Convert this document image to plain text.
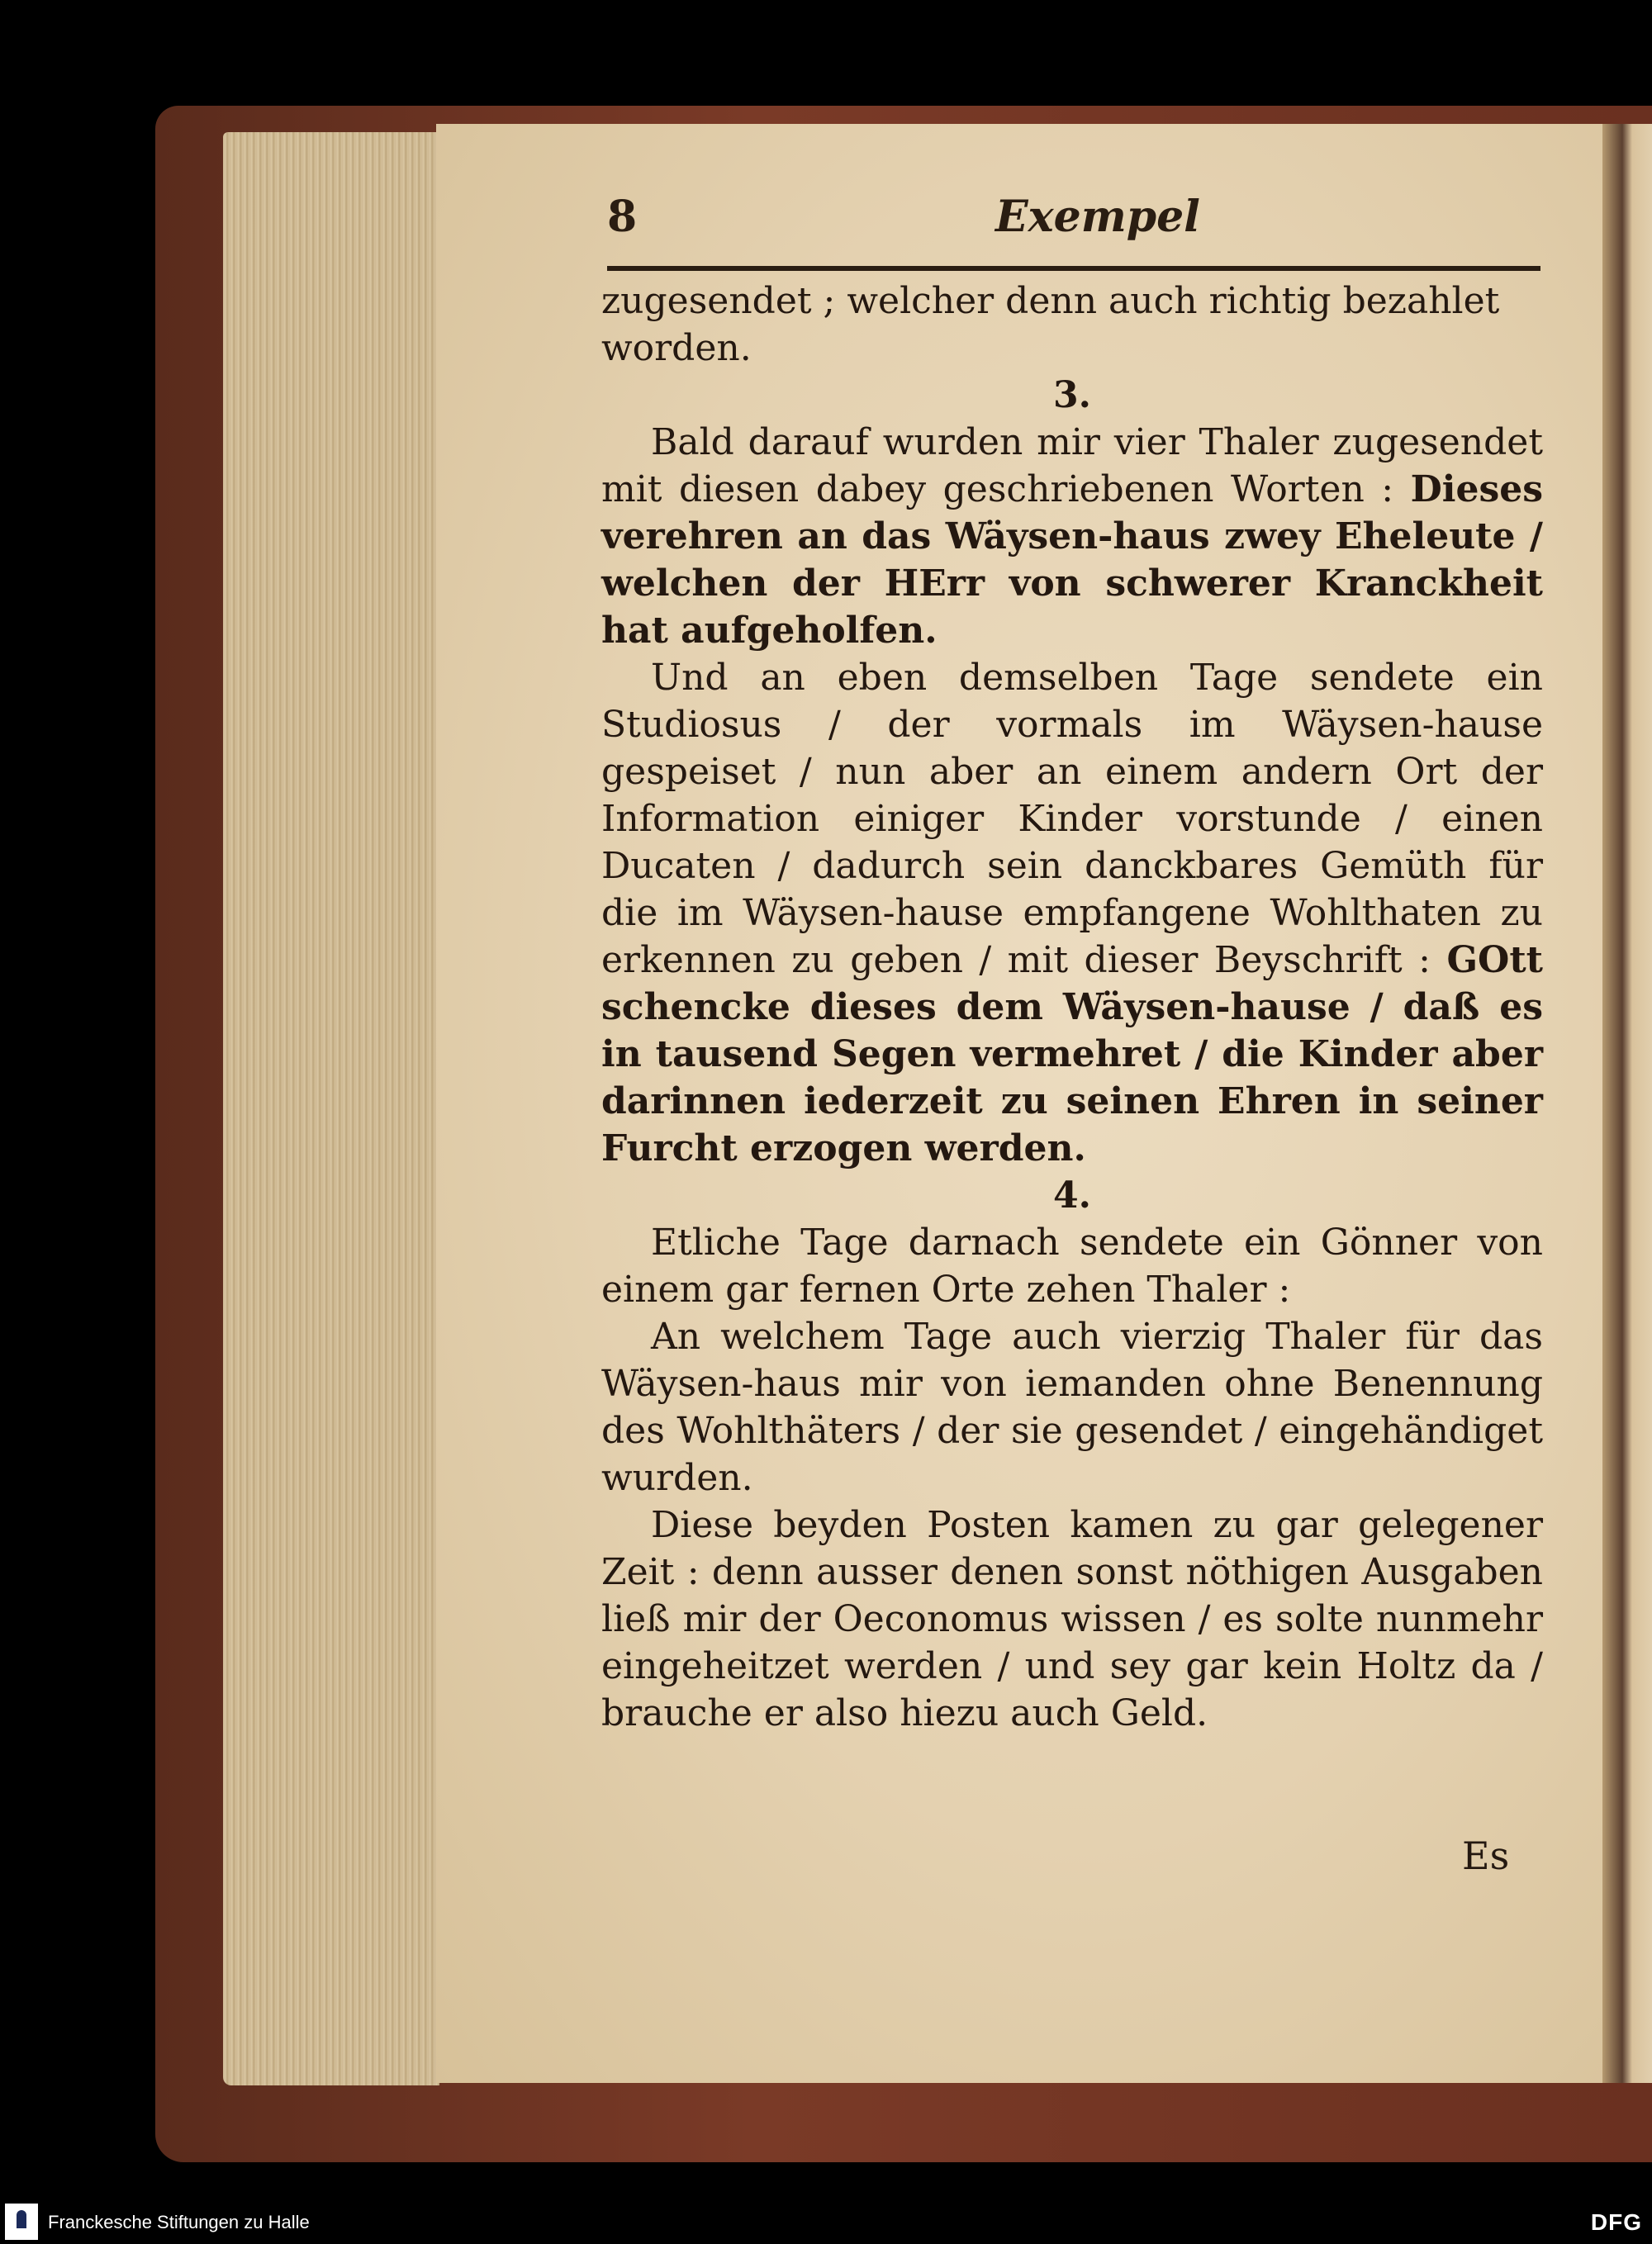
8	Exempel

zugesendet ; welcher denn auch richtig bezahlet

worden.

3.

Bald darauf wurden mir vier Thaler zugesendet mit diesen dabey geschriebenen Worten : Dieses verehren an das Wäysen-haus zwey Eheleute / welchen der HErr von schwerer Kranckheit hat aufgeholfen.

Und an eben demselben Tage sendete ein Studiosus / der vormals im Wäysen-hause gespeiset / nun aber an einem andern Ort der Information einiger Kinder vorstunde / einen Ducaten / dadurch sein danckbares Gemüth für die im Wäysen-hause empfangene Wohlthaten zu erkennen zu geben / mit dieser Beyschrift : GOtt schencke dieses dem Wäysen-hause / daß es in tausend Segen vermehret / die Kinder aber darinnen iederzeit zu seinen Ehren in seiner Furcht erzogen werden.

4.

Etliche Tage darnach sendete ein Gönner von einem gar fernen Orte zehen Thaler :

An welchem Tage auch vierzig Thaler für das Wäysen-haus mir von iemanden ohne Benennung des Wohlthäters / der sie gesendet / eingehändiget wurden.

Diese beyden Posten kamen zu gar gelegener Zeit : denn ausser denen sonst nöthigen Ausgaben ließ mir der Oeconomus wissen / es solte nunmehr eingeheitzet werden / und sey gar kein Holtz da / brauche er also hiezu auch Geld.

Es
Franckesche Stiftungen zu Halle	DFG
